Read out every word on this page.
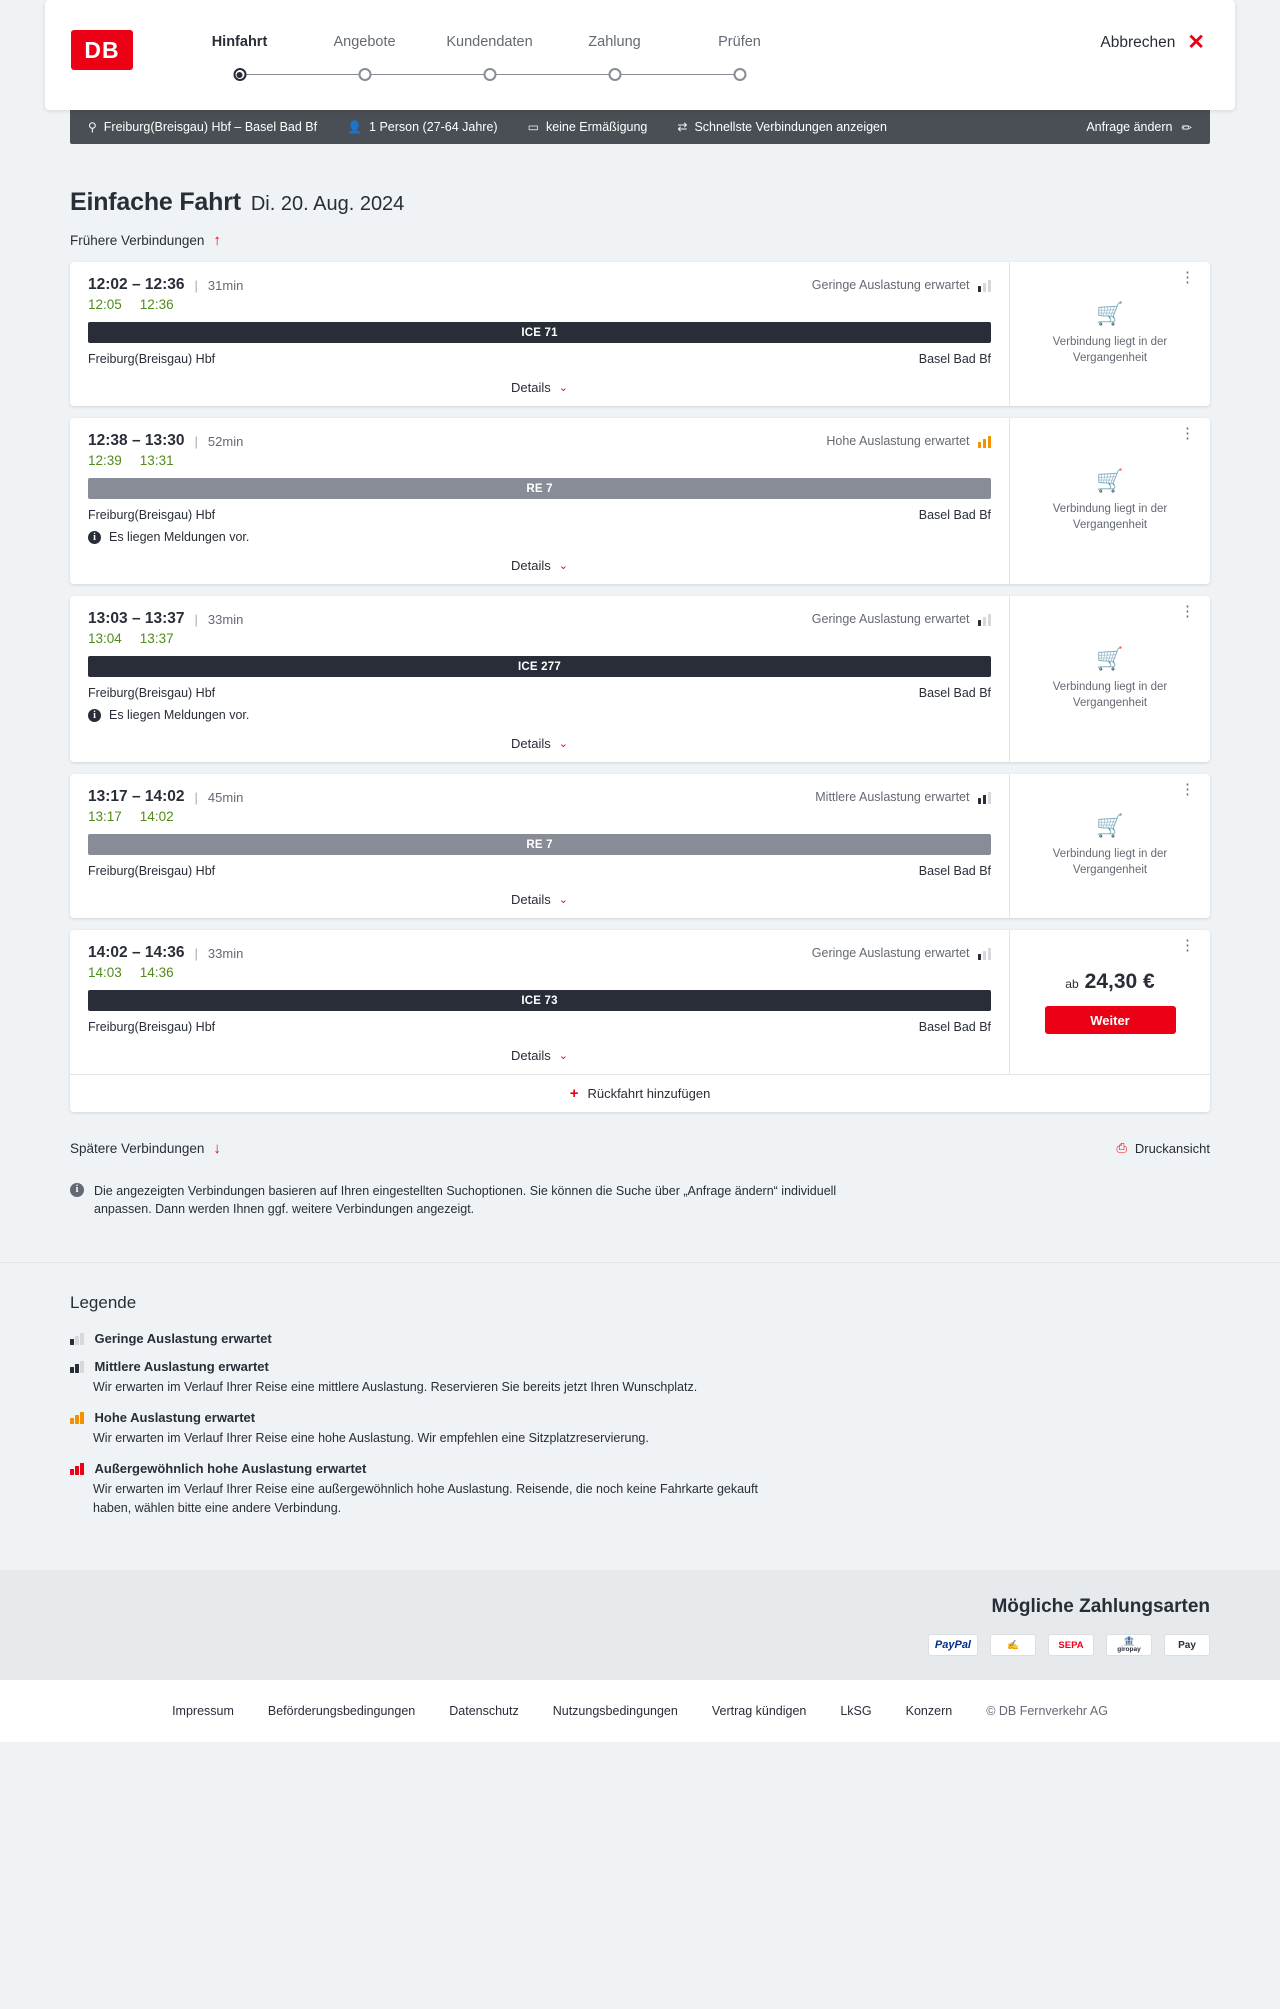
DB	Hinfahrt	Angebote	Kundendaten	Zahlung	Prüfen	Abbrechen ✕
⚲ Freiburg(Breisgau) Hbf – Basel Bad Bf	👤 1 Person (27-64 Jahre)	▭ keine Ermäßigung	⇄ Schnellste Verbindungen anzeigen	Anfrage ändern ✏
Einfache Fahrt Di. 20. Aug. 2024
Frühere Verbindungen ↑
12:02 – 12:36 | 31min	Geringe Auslastung erwartet
12:05 12:36
ICE 71
Freiburg(Breisgau) Hbf	Basel Bad Bf
Details ⌄
⋮
🛒
Verbindung liegt in der Vergangenheit
12:38 – 13:30 | 52min	Hohe Auslastung erwartet
12:39 13:31
RE 7
Freiburg(Breisgau) Hbf	Basel Bad Bf
i	Es liegen Meldungen vor.
Details ⌄
⋮
🛒
Verbindung liegt in der Vergangenheit
13:03 – 13:37 | 33min	Geringe Auslastung erwartet
13:04 13:37
ICE 277
Freiburg(Breisgau) Hbf	Basel Bad Bf
i	Es liegen Meldungen vor.
Details ⌄
⋮
🛒
Verbindung liegt in der Vergangenheit
13:17 – 14:02 | 45min	Mittlere Auslastung erwartet
13:17 14:02
RE 7
Freiburg(Breisgau) Hbf	Basel Bad Bf
Details ⌄
⋮
🛒
Verbindung liegt in der Vergangenheit
14:02 – 14:36 | 33min	Geringe Auslastung erwartet
14:03 14:36
ICE 73
Freiburg(Breisgau) Hbf	Basel Bad Bf
Details ⌄
⋮
ab 24,30 €
Weiter
+ Rückfahrt hinzufügen
Spätere Verbindungen ↓	⎙ Druckansicht
i	Die angezeigten Verbindungen basieren auf Ihren eingestellten Suchoptionen. Sie können die Suche über „Anfrage ändern“ individuell anpassen. Dann werden Ihnen ggf. weitere Verbindungen angezeigt.
Legende
Geringe Auslastung erwartet
Mittlere Auslastung erwartet
Wir erwarten im Verlauf Ihrer Reise eine mittlere Auslastung. Reservieren Sie bereits jetzt Ihren Wunschplatz.
Hohe Auslastung erwartet
Wir erwarten im Verlauf Ihrer Reise eine hohe Auslastung. Wir empfehlen eine Sitzplatzreservierung.
Außergewöhnlich hohe Auslastung erwartet
Wir erwarten im Verlauf Ihrer Reise eine außergewöhnlich hohe Auslastung. Reisende, die noch keine Fahrkarte gekauft haben, wählen bitte eine andere Verbindung.
Mögliche Zahlungsarten
PayPal	✍	SEPA	🏦
giropay	Pay
Impressum	Beförderungsbedingungen	Datenschutz	Nutzungsbedingungen	Vertrag kündigen	LkSG	Konzern	© DB Fernverkehr AG
